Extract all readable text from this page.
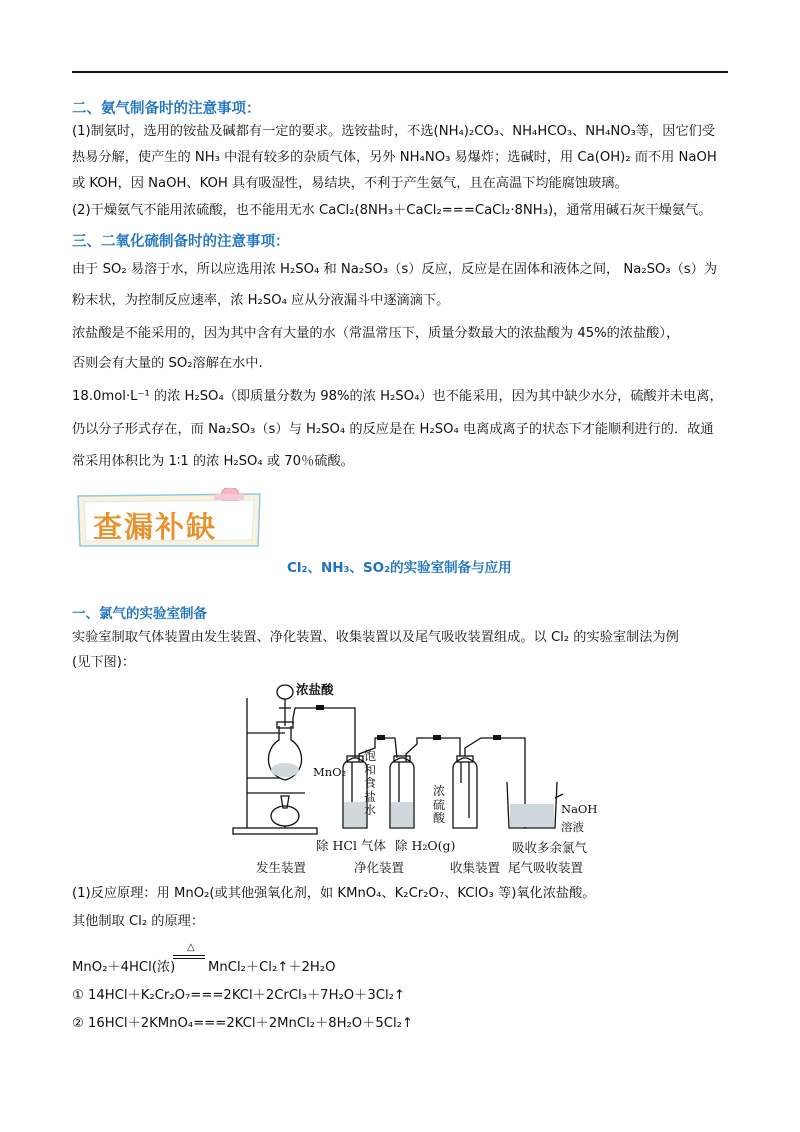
二、氨气制备时的注意事项：
(1)制氨时，选用的铵盐及碱都有一定的要求。选铵盐时，不选(NH₄)₂CO₃、NH₄HCO₃、NH₄NO₃等，因它们受
热易分解，使产生的 NH₃ 中混有较多的杂质气体，另外 NH₄NO₃ 易爆炸；选碱时，用 Ca(OH)₂ 而不用 NaOH
或 KOH，因 NaOH、KOH 具有吸湿性，易结块，不利于产生氨气，且在高温下均能腐蚀玻璃。
(2)干燥氨气不能用浓硫酸，也不能用无水 CaCl₂(8NH₃＋CaCl₂===CaCl₂·8NH₃)，通常用碱石灰干燥氨气。
三、二氧化硫制备时的注意事项：
由于 SO₂ 易溶于水，所以应选用浓 H₂SO₄ 和 Na₂SO₃（s）反应，反应是在固体和液体之间， Na₂SO₃（s）为
粉末状，为控制反应速率，浓 H₂SO₄ 应从分液漏斗中逐滴滴下。
浓盐酸是不能采用的，因为其中含有大量的水（常温常压下，质量分数最大的浓盐酸为 45%的浓盐酸），
否则会有大量的 SO₂溶解在水中.
18.0mol·L⁻¹ 的浓 H₂SO₄（即质量分数为 98%的浓 H₂SO₄）也不能采用，因为其中缺少水分，硫酸并未电离，
仍以分子形式存在，而 Na₂SO₃（s）与 H₂SO₄ 的反应是在 H₂SO₄ 电离成离子的状态下才能顺利进行的．故通
常采用体积比为 1∶1 的浓 H₂SO₄ 或 70％硫酸。
查漏补缺
Cl₂、NH₃、SO₂的实验室制备与应用
一、氯气的实验室制备
实验室制取气体装置由发生装置、净化装置、收集装置以及尾气吸收装置组成。以 Cl₂ 的实验室制法为例
(见下图)：
浓盐酸
MnO₂
饱
和
食
盐
水
浓
硫
酸
NaOH
溶液
除 HCl 气体 除 H₂O(g)	吸收多余氯气
发生装置	净化装置	收集装置 尾气吸收装置
(1)反应原理：用 MnO₂(或其他强氧化剂，如 KMnO₄、K₂Cr₂O₇、KClO₃ 等)氧化浓盐酸。
其他制取 Cl₂ 的原理：
MnO₂＋4HCl(浓)
△
MnCl₂＋Cl₂↑＋2H₂O
① 14HCl＋K₂Cr₂O₇===2KCl＋2CrCl₃＋7H₂O＋3Cl₂↑
② 16HCl＋2KMnO₄===2KCl＋2MnCl₂＋8H₂O＋5Cl₂↑
